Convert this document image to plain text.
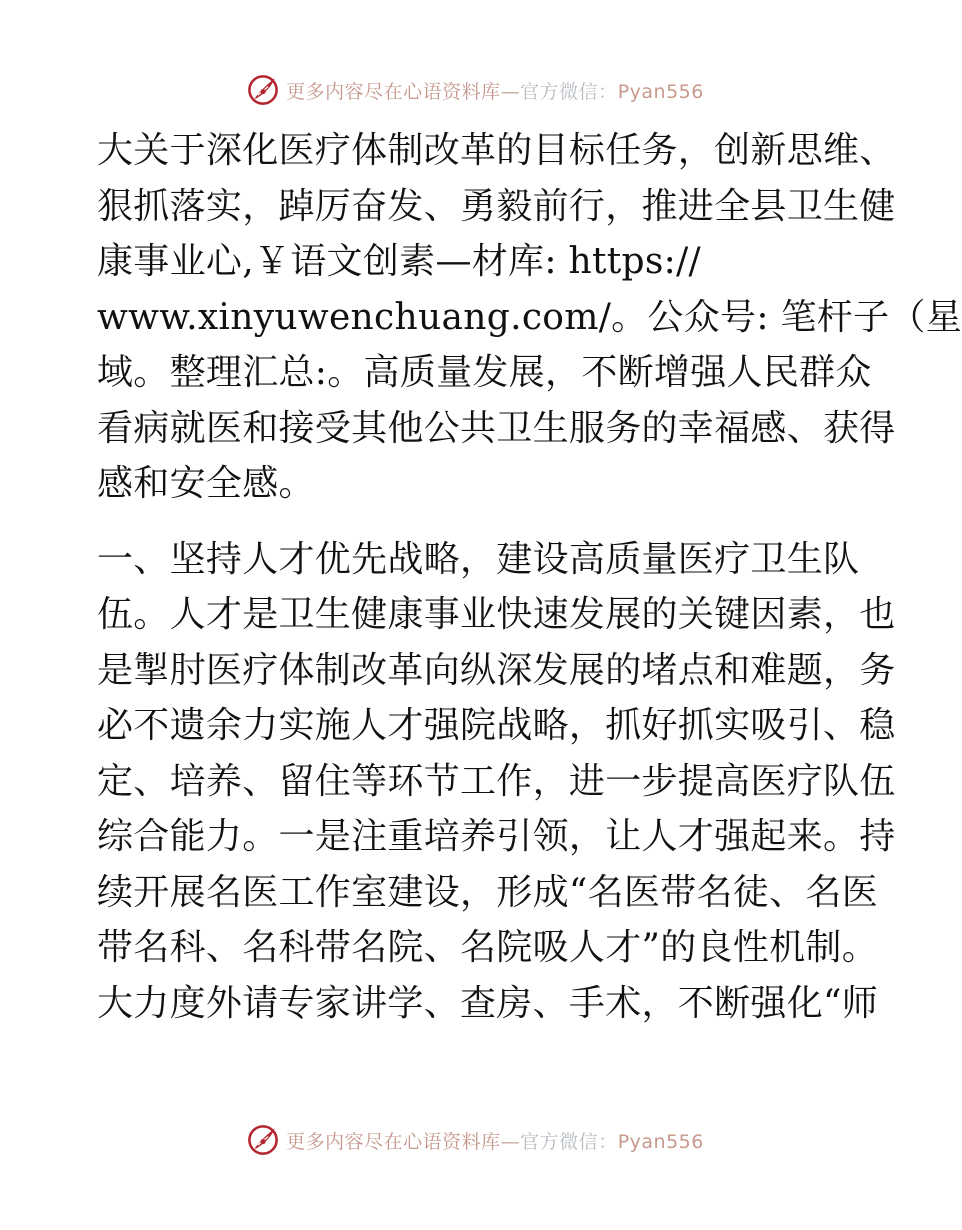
更多内容尽在心语资料库—官方微信：Pyan556
大关于深化医疗体制改革的目标任务，创新思维、
狠抓落实，踔厉奋发、勇毅前行，推进全县卫生健
康事业心,￥语文创素—材库: https://
www.xinyuwenchuang.com/。公众号: 笔杆子（星
域。整理汇总:。高质量发展，不断增强人民群众
看病就医和接受其他公共卫生服务的幸福感、获得
感和安全感。
一、坚持人才优先战略，建设高质量医疗卫生队
伍。人才是卫生健康事业快速发展的关键因素，也
是掣肘医疗体制改革向纵深发展的堵点和难题，务
必不遗余力实施人才强院战略，抓好抓实吸引、稳
定、培养、留住等环节工作，进一步提高医疗队伍
综合能力。一是注重培养引领，让人才强起来。持
续开展名医工作室建设，形成“名医带名徒、名医
带名科、名科带名院、名院吸人才”的良性机制。
大力度外请专家讲学、查房、手术，不断强化“师
更多内容尽在心语资料库—官方微信：Pyan556
